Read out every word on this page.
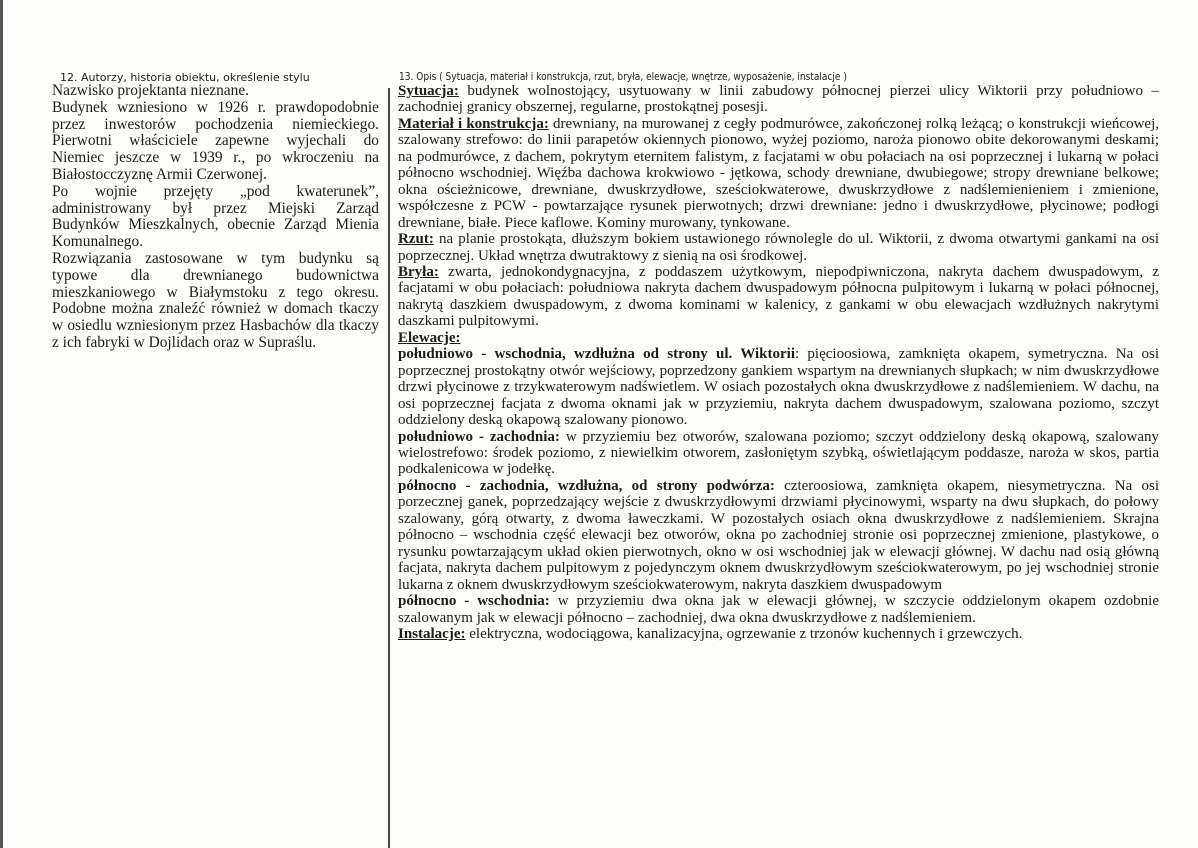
12. Autorzy, historia obiektu, określenie stylu	13. Opis ( Sytuacja, materiał i konstrukcja, rzut, bryła, elewacje, wnętrze, wyposażenie, instalacje )

Nazwisko projektanta nieznane.

Budynek wzniesiono w 1926 r. prawdopodobnie przez inwestorów pochodzenia niemieckiego. Pierwotni właściciele zapewne wyjechali do Niemiec jeszcze w 1939 r., po wkroczeniu na Białostocczyznę Armii Czerwonej.

Po wojnie przejęty „pod kwaterunek”, administrowany był przez Miejski Zarząd Budynków Mieszkalnych, obecnie Zarząd Mienia Komunalnego.

Rozwiązania zastosowane w tym budynku są typowe dla drewnianego budownictwa mieszkaniowego w Białymstoku z tego okresu. Podobne można znaleźć również w domach tkaczy w osiedlu wzniesionym przez Hasbachów dla tkaczy z ich fabryki w Dojlidach oraz w Supraślu.

Sytuacja: budynek wolnostojący, usytuowany w linii zabudowy północnej pierzei ulicy Wiktorii przy południowo – zachodniej granicy obszernej, regularne, prostokątnej posesji.

Materiał i konstrukcja: drewniany, na murowanej z cegły podmurówce, zakończonej rolką leżącą; o konstrukcji wieńcowej, szalowany strefowo: do linii parapetów okiennych pionowo, wyżej poziomo, naroża pionowo obite dekorowanymi deskami; na podmurówce, z dachem, pokrytym eternitem falistym, z facjatami w obu połaciach na osi poprzecznej i lukarną w połaci północno wschodniej. Więźba dachowa krokwiowo - jętkowa, schody drewniane, dwubiegowe; stropy drewniane belkowe; okna ościeżnicowe, drewniane, dwuskrzydłowe, sześciokwaterowe, dwuskrzydłowe z nadślemienieniem i zmienione, współczesne z PCW - powtarzające rysunek pierwotnych; drzwi drewniane: jedno i dwuskrzydłowe, płycinowe; podłogi drewniane, białe. Piece kaflowe. Kominy murowany, tynkowane.

Rzut: na planie prostokąta, dłuższym bokiem ustawionego równolegle do ul. Wiktorii, z dwoma otwartymi gankami na osi poprzecznej. Układ wnętrza dwutraktowy z sienią na osi środkowej.

Bryła: zwarta, jednokondygnacyjna, z poddaszem użytkowym, niepodpiwniczona, nakryta dachem dwuspadowym, z facjatami w obu połaciach: południowa nakryta dachem dwuspadowym północna pulpitowym i lukarną w połaci północnej, nakrytą daszkiem dwuspadowym, z dwoma kominami w kalenicy, z gankami w obu elewacjach wzdłużnych nakrytymi daszkami pulpitowymi.

Elewacje:

południowo - wschodnia, wzdłużna od strony ul. Wiktorii: pięcioosiowa, zamknięta okapem, symetryczna. Na osi poprzecznej prostokątny otwór wejściowy, poprzedzony gankiem wspartym na drewnianych słupkach; w nim dwuskrzydłowe drzwi płycinowe z trzykwaterowym nadświetlem. W osiach pozostałych okna dwuskrzydłowe z nadślemieniem. W dachu, na osi poprzecznej facjata z dwoma oknami jak w przyziemiu, nakryta dachem dwuspadowym, szalowana poziomo, szczyt oddzielony deską okapową szalowany pionowo.

południowo - zachodnia: w przyziemiu bez otworów, szalowana poziomo; szczyt oddzielony deską okapową, szalowany wielostrefowo: środek poziomo, z niewielkim otworem, zasłoniętym szybką, oświetlającym poddasze, naroża w skos, partia podkalenicowa w jodełkę.

północno - zachodnia, wzdłużna, od strony podwórza: czteroosiowa, zamknięta okapem, niesymetryczna. Na osi porzecznej ganek, poprzedzający wejście z dwuskrzydłowymi drzwiami płycinowymi, wsparty na dwu słupkach, do połowy szalowany, górą otwarty, z dwoma ławeczkami. W pozostałych osiach okna dwuskrzydłowe z nadślemieniem. Skrajna północno – wschodnia część elewacji bez otworów, okna po zachodniej stronie osi poprzecznej zmienione, plastykowe, o rysunku powtarzającym układ okien pierwotnych, okno w osi wschodniej jak w elewacji głównej. W dachu nad osią główną facjata, nakryta dachem pulpitowym z pojedynczym oknem dwuskrzydłowym sześciokwaterowym, po jej wschodniej stronie lukarna z oknem dwuskrzydłowym sześciokwaterowym, nakryta daszkiem dwuspadowym

północno - wschodnia: w przyziemiu dwa okna jak w elewacji głównej, w szczycie oddzielonym okapem ozdobnie szalowanym jak w elewacji północno – zachodniej, dwa okna dwuskrzydłowe z nadślemieniem.

Instalacje: elektryczna, wodociągowa, kanalizacyjna, ogrzewanie z trzonów kuchennych i grzewczych.
